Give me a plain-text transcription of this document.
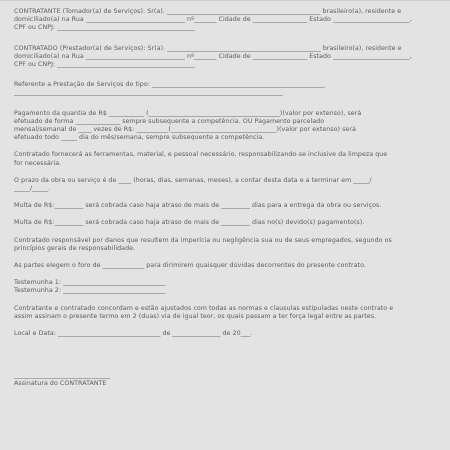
CONTRATANTE (Tomador(a) de Serviços): Sr(a). ________________________________________________ brasileiro(a), residente e
domiciliado(a) na Rua _______________________________ nº_______ Cidade de _________________ Estado ________________________,
CPF ou CNPJ: ___________________________________________
CONTRATADO (Prestador(a) de Serviços): Sr(a). ________________________________________________ brasileiro(a), residente e
domiciliado(a) na Rua _______________________________ nº_______ Cidade de _________________ Estado ________________________,
CPF ou CNPJ: ___________________________________________
Referente a Prestação de Serviços do tipo: ______________________________________________________
____________________________________________________________________________________
Pagamento da quantia de R$ ___________ (_________________________________________)(valor por extenso), será
efetuado de forma ______________ sempre subsequente a competência. OU Pagamento parcelado
mensal/semanal de ____ vezes de R$: __________(_________________________________)(valor por extenso) será
efetuado todo _____ dia do mês/semana, sempre subsequente a competência.
Contratado fornecerá as ferramentas, material, e pessoal necessário, responsabilizando-se inclusive da limpeza que
for necessária.
O prazo da obra ou serviço é de ____ (horas, dias, semanas, meses), a contar desta data e a terminar em _____/
_____/_____.
Multa de R$:_________ será cobrada caso haja atraso de mais de _________ dias para a entrega da obra ou serviços.
Multa de R$:_________ será cobrada caso haja atraso de mais de _________ dias no(s) devido(s) pagamento(s).
Contratado responsável por danos que resultem da imperícia ou negligência sua ou de seus empregados, segundo os
princípios gerais de responsabilidade.
As partes elegem o foro de _____________ para dirimirem quaisquer dúvidas decorrentes do presente contrato.
Testemunha 1: ________________________________
Testemunha 2: ________________________________
Contratante e contratado concordam e estão ajustados com todas as normas e clausulas estipuladas neste contrato e
assim assinam o presente termo em 2 (duas) via de igual teor, os quais passam a ter força legal entre as partes.
Local e Data: ________________________________ de _______________ de 20___.
______________________________
Assinatura do CONTRATANTE
